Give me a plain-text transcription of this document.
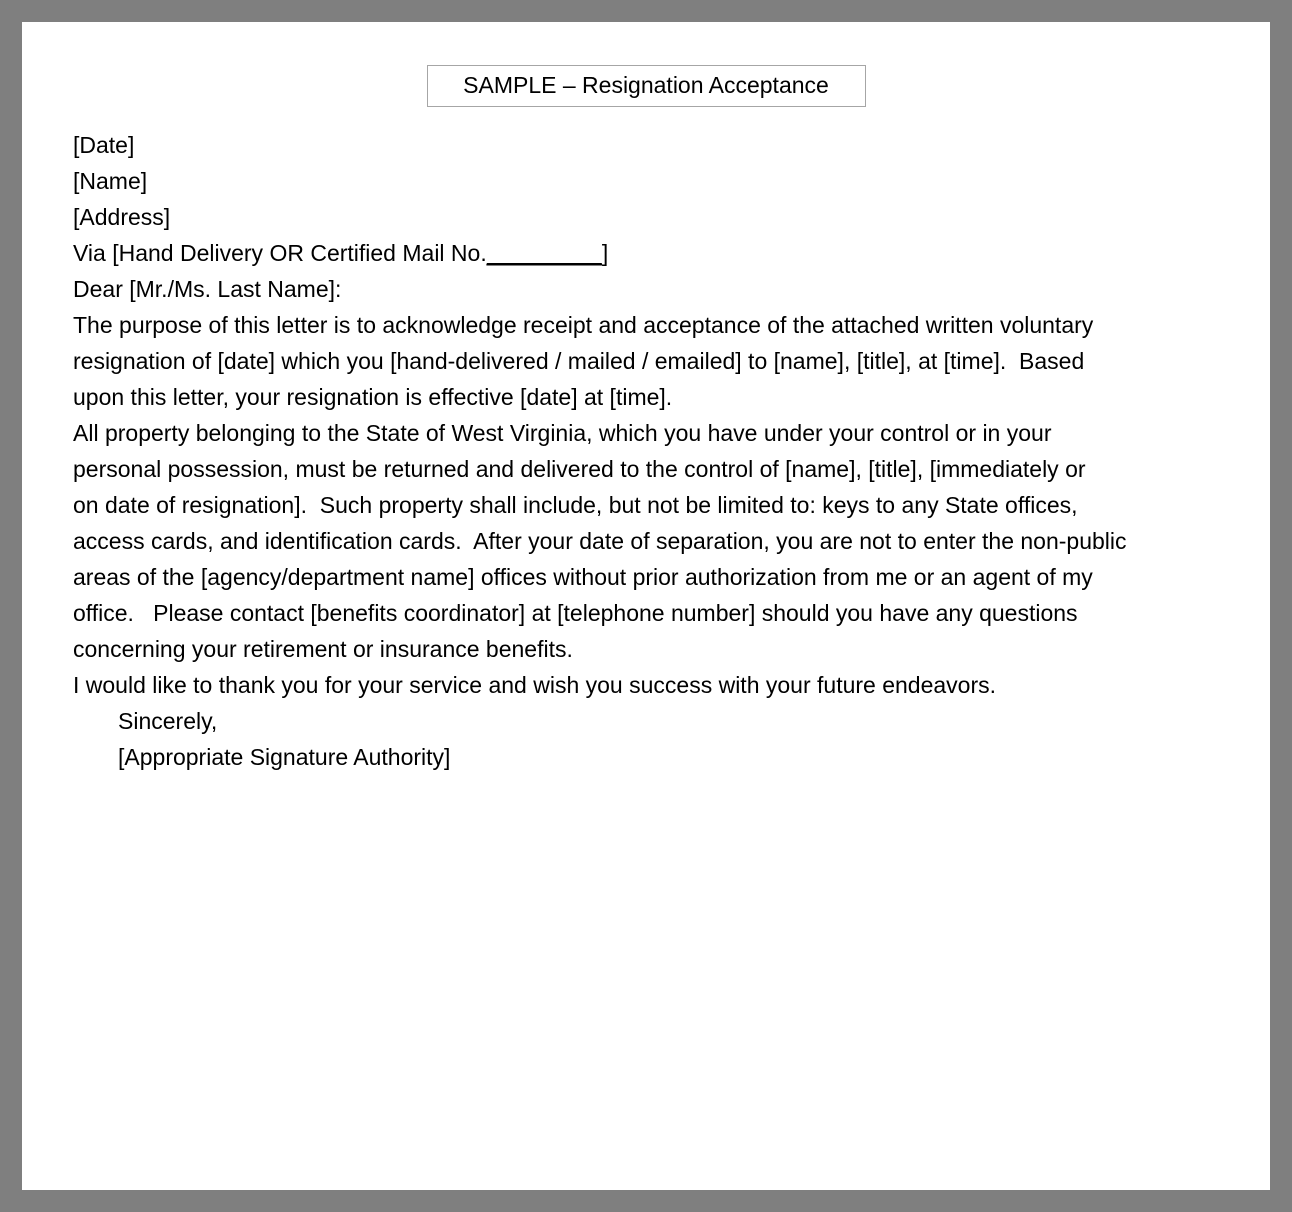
SAMPLE – Resignation Acceptance

[Date]

[Name]

[Address]

Via [Hand Delivery OR Certified Mail No._________]

Dear [Mr./Ms. Last Name]:

The purpose of this letter is to acknowledge receipt and acceptance of the attached written voluntary

resignation of [date] which you [hand-delivered / mailed / emailed] to [name], [title], at [time].  Based

upon this letter, your resignation is effective [date] at [time].

All property belonging to the State of West Virginia, which you have under your control or in your

personal possession, must be returned and delivered to the control of [name], [title], [immediately or

on date of resignation].  Such property shall include, but not be limited to: keys to any State offices,

access cards, and identification cards.  After your date of separation, you are not to enter the non-public

areas of the [agency/department name] offices without prior authorization from me or an agent of my

office.   Please contact [benefits coordinator] at [telephone number] should you have any questions

concerning your retirement or insurance benefits.

I would like to thank you for your service and wish you success with your future endeavors.

Sincerely,

[Appropriate Signature Authority]
